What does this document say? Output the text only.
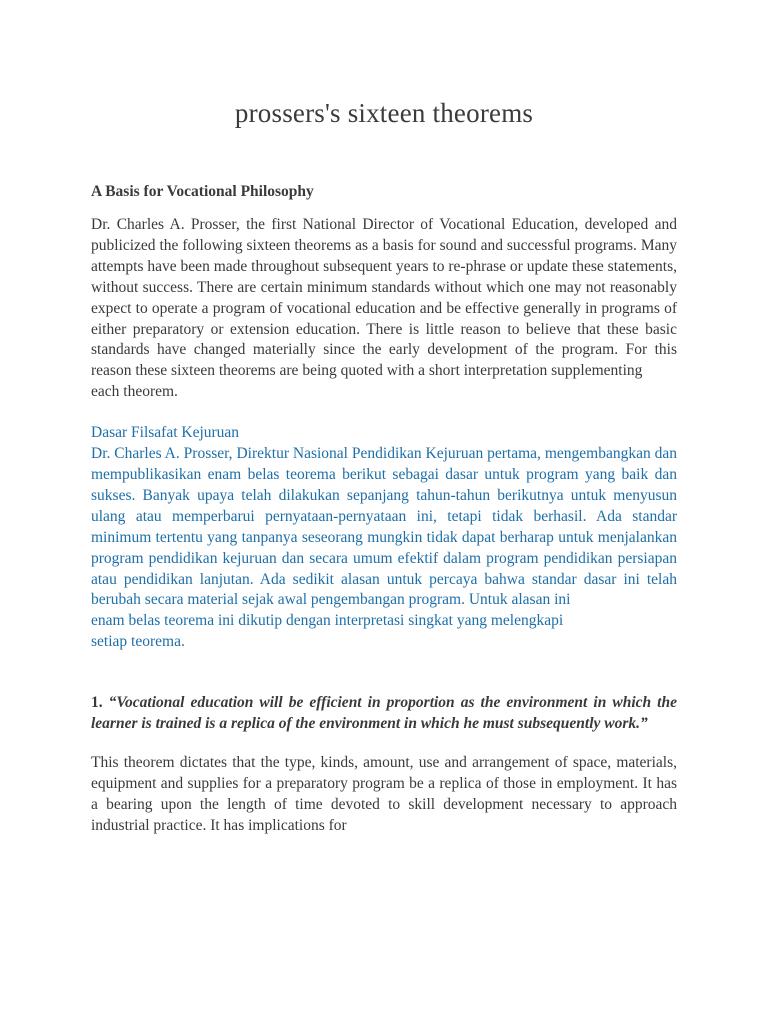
prossers's sixteen theorems
A Basis for Vocational Philosophy
Dr. Charles A. Prosser, the first National Director of Vocational Education, developed and publicized the following sixteen theorems as a basis for sound and successful programs. Many attempts have been made throughout subsequent years to re-phrase or update these statements, without success. There are certain minimum standards without which one may not reasonably expect to operate a program of vocational education and be effective generally in programs of either preparatory or extension education. There is little reason to believe that these basic standards have changed materially since the early development of the program. For this reason these sixteen theorems are being quoted with a short interpretation supplementing
each theorem.
Dasar Filsafat Kejuruan
Dr. Charles A. Prosser, Direktur Nasional Pendidikan Kejuruan pertama, mengembangkan dan mempublikasikan enam belas teorema berikut sebagai dasar untuk program yang baik dan sukses. Banyak upaya telah dilakukan sepanjang tahun-tahun berikutnya untuk menyusun ulang atau memperbarui pernyataan-pernyataan ini, tetapi tidak berhasil. Ada standar minimum tertentu yang tanpanya seseorang mungkin tidak dapat berharap untuk menjalankan program pendidikan kejuruan dan secara umum efektif dalam program pendidikan persiapan atau pendidikan lanjutan. Ada sedikit alasan untuk percaya bahwa standar dasar ini telah berubah secara material sejak awal pengembangan program. Untuk alasan ini
enam belas teorema ini dikutip dengan interpretasi singkat yang melengkapi
setiap teorema.
1. “Vocational education will be efficient in proportion as the environment in which the learner is trained is a replica of the environment in which he must subsequently work.”
This theorem dictates that the type, kinds, amount, use and arrangement of space, materials, equipment and supplies for a preparatory program be a replica of those in employment. It has a bearing upon the length of time devoted to skill development necessary to approach industrial practice. It has implications for
